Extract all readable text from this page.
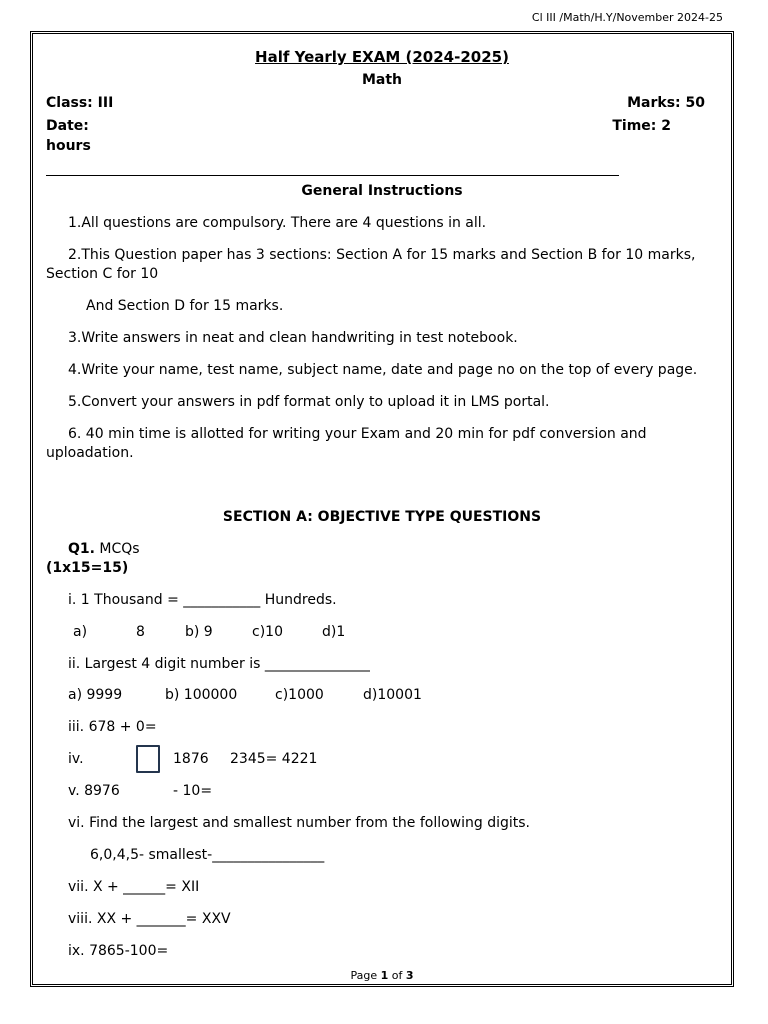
Cl III /Math/H.Y/November 2024-25
Half Yearly EXAM (2024-2025)
Math
Class: III	Marks: 50
Date:	Time: 2
hours
General Instructions
1.All questions are compulsory. There are 4 questions in all.
2.This Question paper has 3 sections: Section A for 15 marks and Section B for 10 marks,
Section C for 10
And Section D for 15 marks.
3.Write answers in neat and clean handwriting in test notebook.
4.Write your name, test name, subject name, date and page no on the top of every page.
5.Convert your answers in pdf format only to upload it in LMS portal.
6. 40 min time is allotted for writing your Exam and 20 min for pdf conversion and
uploadation.
SECTION A: OBJECTIVE TYPE QUESTIONS
Q1. MCQs
(1x15=15)
i. 1 Thousand = ___________ Hundreds.
a)	8	b) 9	c)10	d)1
ii. Largest 4 digit number is _______________
a) 9999	b) 100000	c)1000	d)10001
iii. 678 + 0=
iv.	1876 2345= 4221
v. 8976	- 10=
vi. Find the largest and smallest number from the following digits.
6,0,4,5- smallest-________________
vii. X + ______= XII
viii. XX + _______= XXV
ix. 7865-100=
Page 1 of 3
